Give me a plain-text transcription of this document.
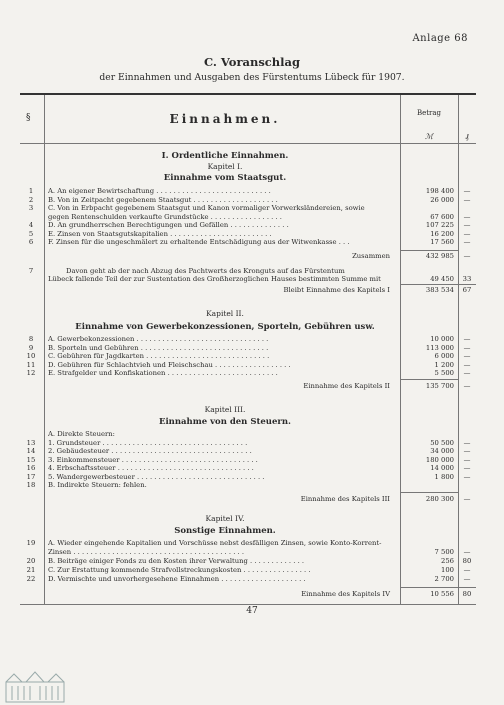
Anlage 68
C. Voranschlag
der Einnahmen und Ausgaben des Fürstentums Lübeck für 1907.
§	Einnahmen.	Betrag
ℳ	₰
I. Ordentliche Einnahmen.
Kapitel I.
Einnahme vom Staatsgut.
1	A. An eigener Bewirtschaftung . . . . . . . . . . . . . . . . . . . . . . . . . . .	198 400	—
2	B. Von in Zeitpacht gegebenem Staatsgut . . . . . . . . . . . . . . . . . . . .	26 000	—
3	C. Von in Erbpacht gegebenem Staatsgut und Kanon vormaliger Vorwerksländereien, sowie
gegen Rentenschulden verkaufte Grundstücke . . . . . . . . . . . . . . . . .	67 600	—
4	D. An grundherrschen Berechtigungen und Gefällen . . . . . . . . . . . . . .	107 225	—
5	E. Zinsen von Staatsgutskapitalien . . . . . . . . . . . . . . . . . . . . . . . .	16 200	—
6	F. Zinsen für die ungeschmälert zu erhaltende Entschädigung aus der Witwenkasse . . .	17 560	—
Zusammen	432 985	—
7	Davon geht ab der nach Abzug des Pachtwerts des Kronguts auf das Fürstentum
Lübeck fallende Teil der zur Sustentation des Großherzoglichen Hauses bestimmten Summe mit	49 450	33
Bleibt Einnahme des Kapitels I	383 534	67
Kapitel II.
Einnahme von Gewerbekonzessionen, Sporteln, Gebühren usw.
8	A. Gewerbekonzessionen . . . . . . . . . . . . . . . . . . . . . . . . . . . . . . .	10 000	—
9	B. Sporteln und Gebühren . . . . . . . . . . . . . . . . . . . . . . . . . . . . . .	113 000	—
10	C. Gebühren für Jagdkarten . . . . . . . . . . . . . . . . . . . . . . . . . . . . .	6 000	—
11	D. Gebühren für Schlachtvieh und Fleischschau . . . . . . . . . . . . . . . . . .	1 200	—
12	E. Strafgelder und Konfiskationen . . . . . . . . . . . . . . . . . . . . . . . . . .	5 500	—
Einnahme des Kapitels II	135 700	—
Kapitel III.
Einnahme von den Steuern.
A. Direkte Steuern:
13	1. Grundsteuer . . . . . . . . . . . . . . . . . . . . . . . . . . . . . . . . . .	50 500	—
14	2. Gebäudesteuer . . . . . . . . . . . . . . . . . . . . . . . . . . . . . . . . .	34 000	—
15	3. Einkommensteuer . . . . . . . . . . . . . . . . . . . . . . . . . . . . . . . .	180 000	—
16	4. Erbschaftssteuer . . . . . . . . . . . . . . . . . . . . . . . . . . . . . . . .	14 000	—
17	5. Wandergewerbesteuer . . . . . . . . . . . . . . . . . . . . . . . . . . . . . .	1 800	—
18	B. Indirekte Steuern: fehlen.
Einnahme des Kapitels III	280 300	—
Kapitel IV.
Sonstige Einnahmen.
19	A. Wieder eingehende Kapitalien und Vorschüsse nebst desfälligen Zinsen, sowie Konto-Korrent-
Zinsen . . . . . . . . . . . . . . . . . . . . . . . . . . . . . . . . . . . . . . . .	7 500	—
20	B. Beiträge einiger Fonds zu den Kosten ihrer Verwaltung . . . . . . . . . . . . .	256	80
21	C. Zur Erstattung kommende Strafvollstreckungskosten . . . . . . . . . . . . . . . .	100	—
22	D. Vermischte und unvorhergesehene Einnahmen . . . . . . . . . . . . . . . . . . . .	2 700	—
Einnahme des Kapitels IV	10 556	80
47
